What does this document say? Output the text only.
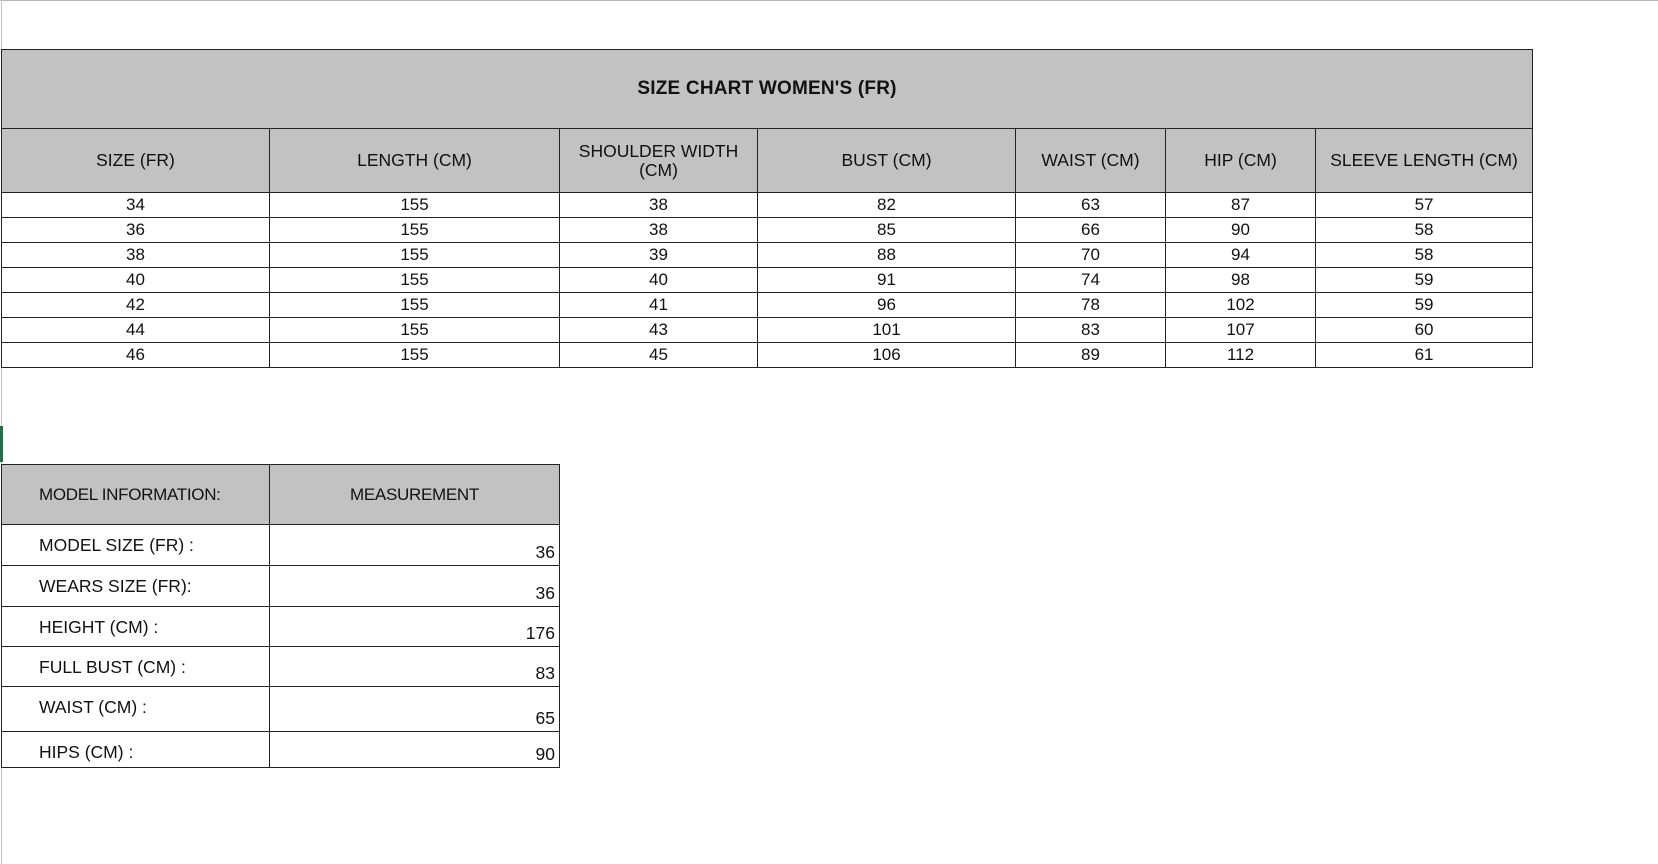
SIZE CHART WOMEN'S (FR)						
SIZE (FR)	LENGTH (CM)	SHOULDER WIDTH (CM)	BUST (CM)	WAIST (CM)	HIP (CM)	SLEEVE LENGTH (CM)
34	155	38	82	63	87	57
36	155	38	85	66	90	58
38	155	39	88	70	94	58
40	155	40	91	74	98	59
42	155	41	96	78	102	59
44	155	43	101	83	107	60
46	155	45	106	89	112	61
MODEL INFORMATION:	MEASUREMENT
MODEL SIZE (FR) :	36
WEARS SIZE (FR):	36
HEIGHT (CM) :	176
FULL BUST (CM) :	83
WAIST (CM) :	65
HIPS (CM) :	90
